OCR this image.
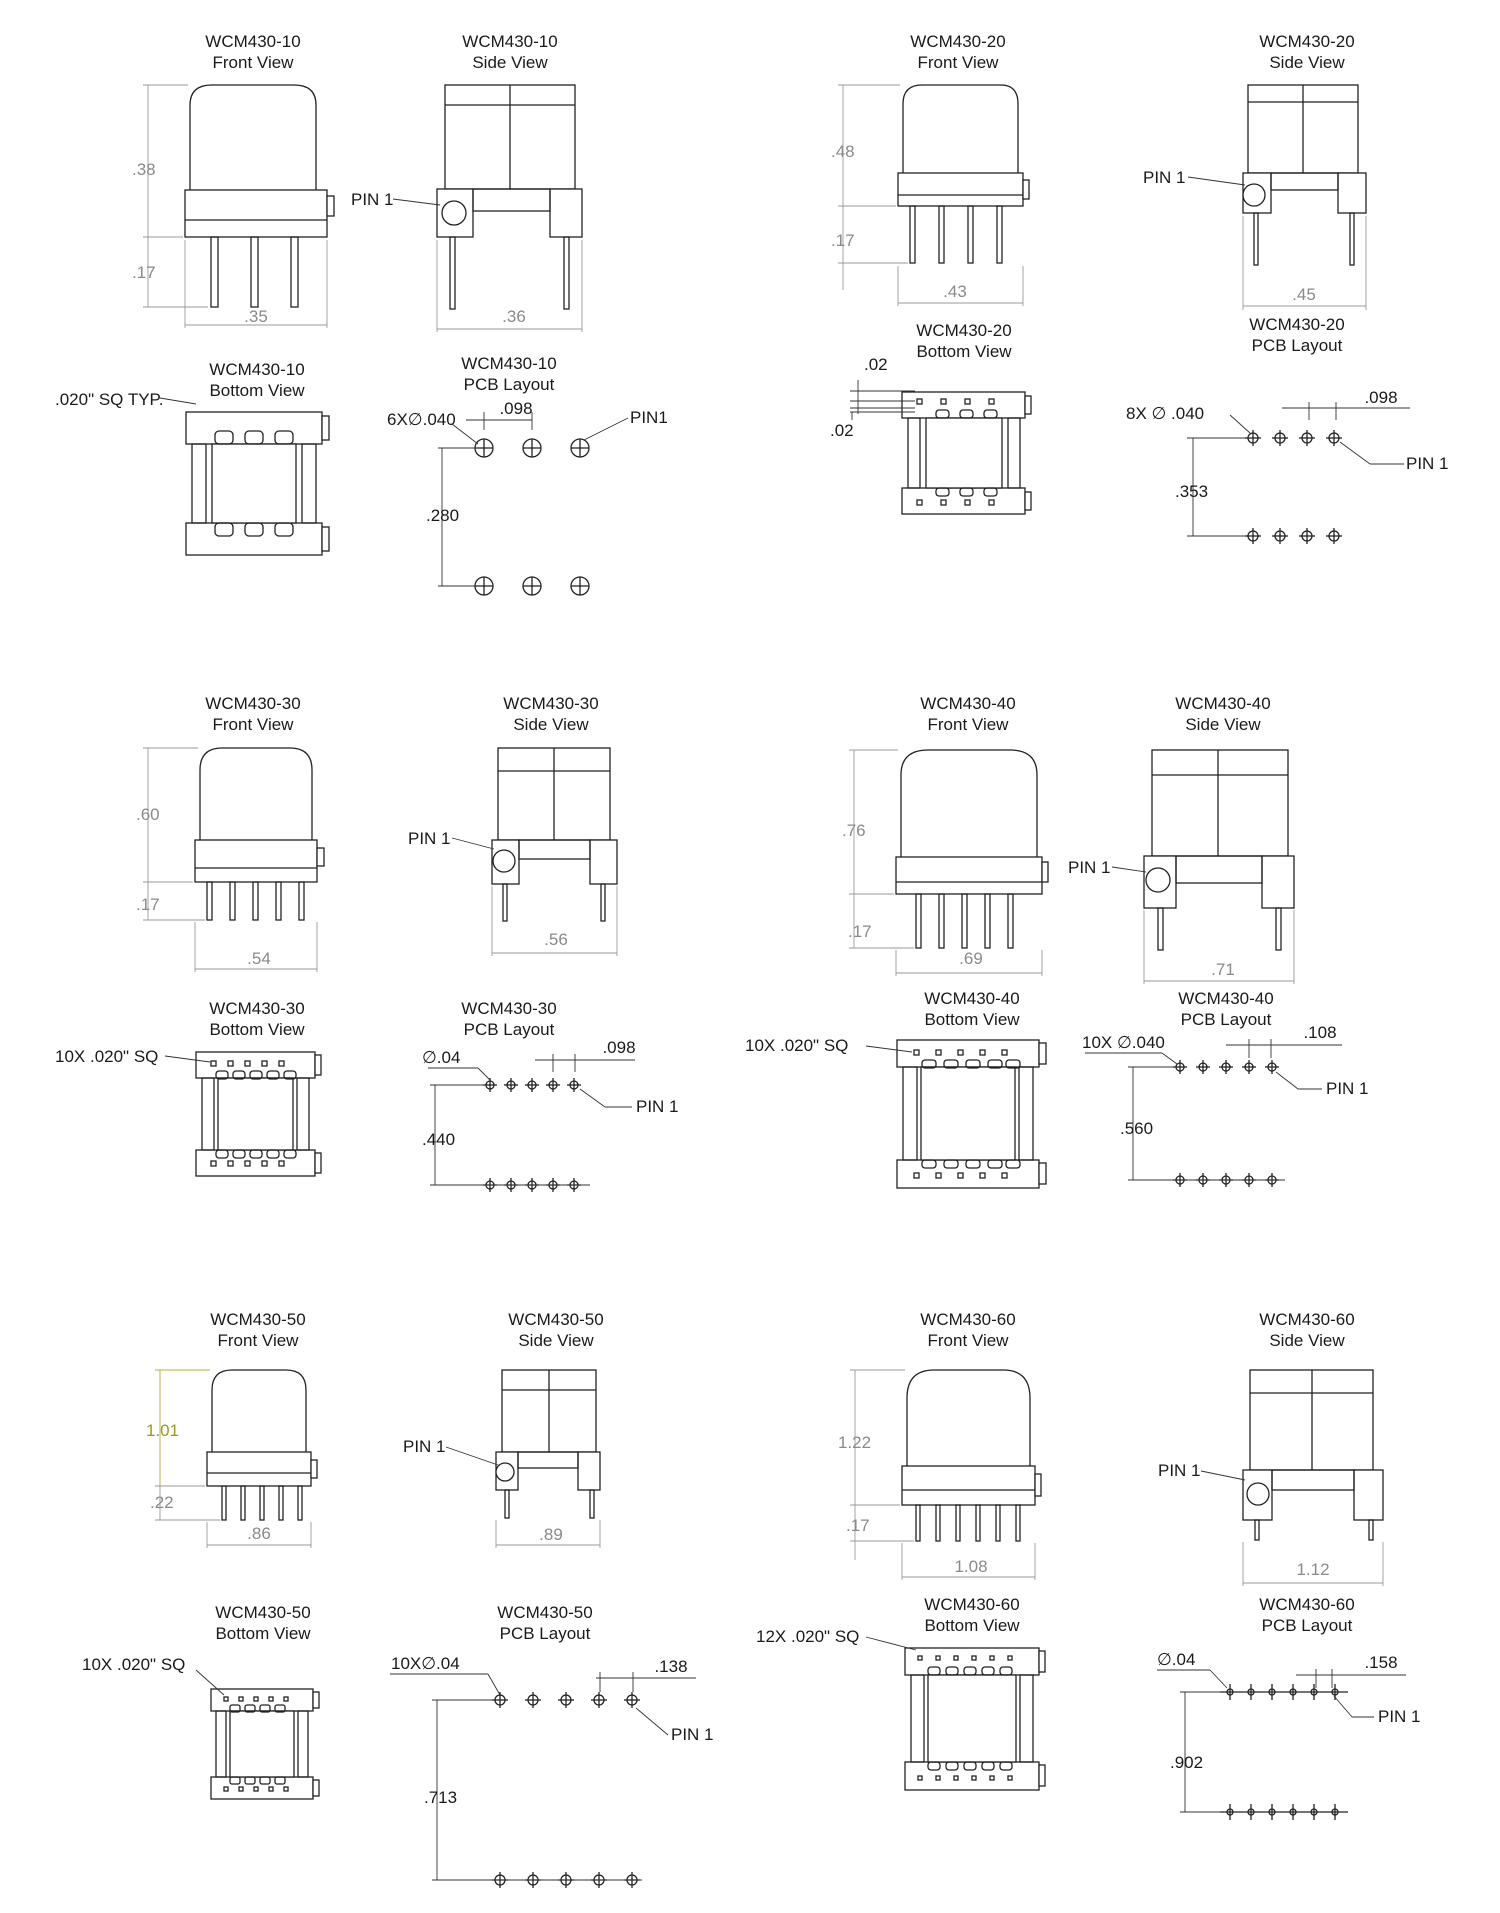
WCM430-10
Front View
.38
.17
.35
WCM430-10
Side View
PIN 1
.36
WCM430-10
Bottom View
.020" SQ TYP.
WCM430-10
PCB Layout
6X∅.040
.098	PIN1
.280
WCM430-20
Front View
.48
.17
.43
WCM430-20
Side View
PIN 1
.45
WCM430-20
Bottom View
.02
.02
WCM430-20
PCB Layout
8X ∅ .040
.098
PIN 1
.353
WCM430-30
Front View
.60
.17
.54
WCM430-30
Side View
PIN 1
.56
WCM430-30
Bottom View
10X .020" SQ
WCM430-30
PCB Layout
∅.04
.098
PIN 1
.440
WCM430-40
Front View
.76
.17
.69
WCM430-40
Side View
PIN 1
.71
WCM430-40
Bottom View
10X .020" SQ
WCM430-40
PCB Layout
10X ∅.040
.108
PIN 1
.560
WCM430-50
Front View
1.01
.22
.86
WCM430-50
Side View
PIN 1
.89
WCM430-50
Bottom View
10X .020" SQ
WCM430-50
PCB Layout
10X∅.04	.138
PIN 1
.713
WCM430-60
Front View
1.22
.17
1.08
WCM430-60
Side View
PIN 1
1.12
WCM430-60
Bottom View
12X .020" SQ
WCM430-60
PCB Layout
∅.04	.158
PIN 1
.902
